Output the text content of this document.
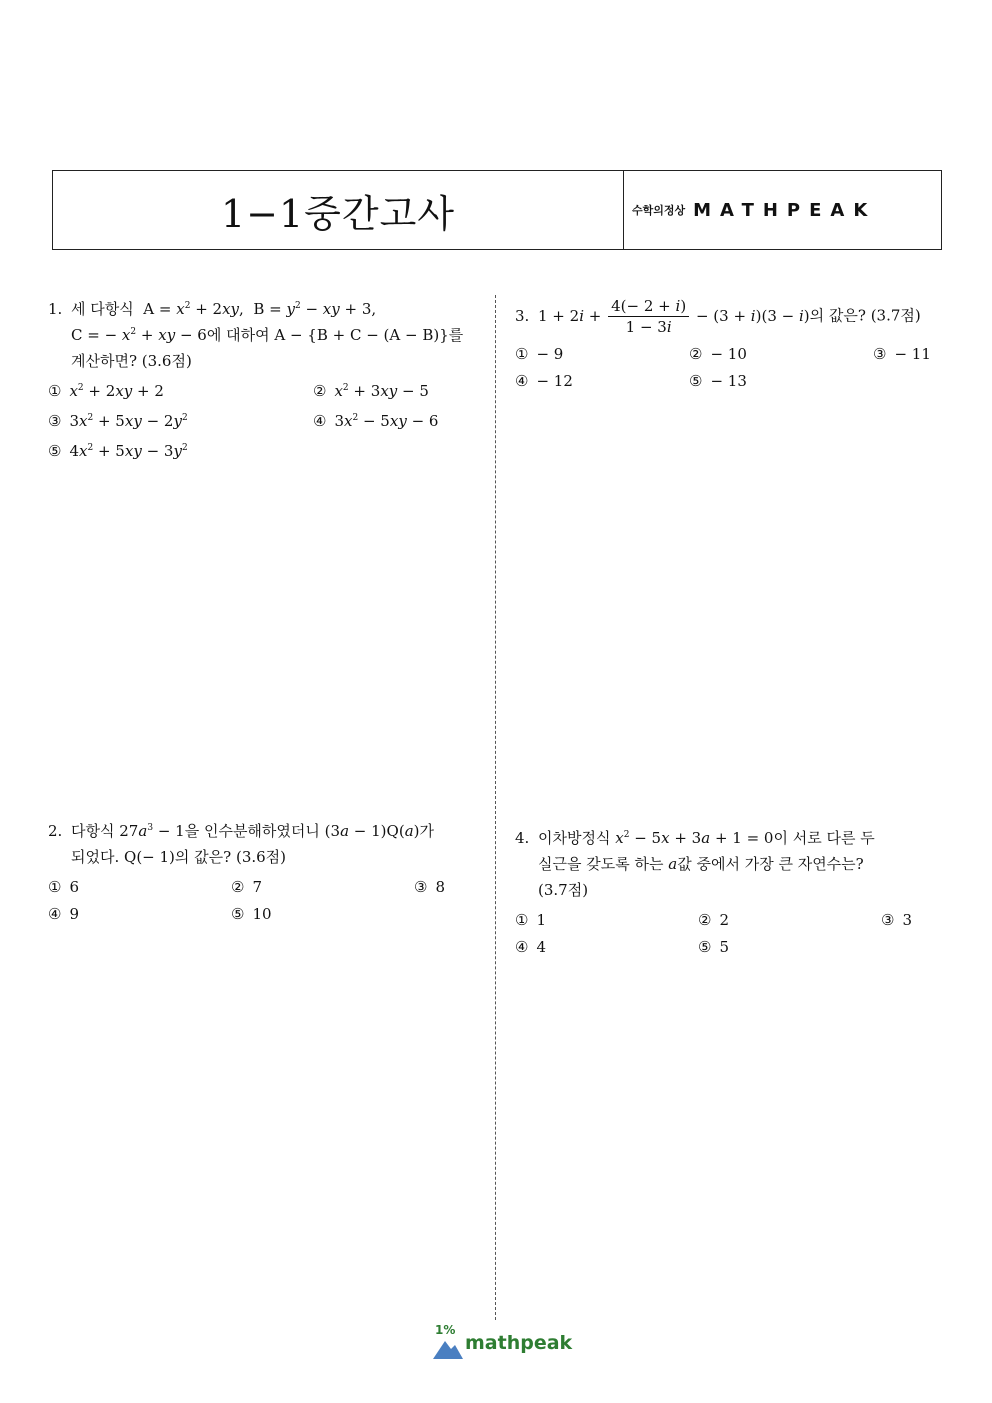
1−1중간고사	수학의정상 MATHPEAK
1. 세 다항식 $A = x^2 + 2xy$,  $B = y^2$ − xy + 3,
C = − $x^2$ + xy − 6에 대하여 A − {B + C − (A − B)}를
계산하면? (3.6점)
① $x^2 + 2xy + 2$	② $x^2 + 3xy - 5$
③ $3x^2 + 5xy - 2y^2$	④ $3x^2 - 5xy - 6$
⑤ $4x^2 + 5xy - 3y^2$
2. 다항식 $27a^3 - 1$을 인수분해하였더니 (3a − 1)Q(a)가
되었다. Q(− 1)의 값은? (3.6점)
① 6	② 7	③ 8
④ 9	⑤ 10
3. $1 + 2i + \frac{4(- 2 + i)}{1 - 3i} - (3 + i)(3 - i)$의 값은? (3.7점)
① − 9	② − 10	③ − 11
④ − 12	⑤ − 13
4. 이차방정식 $x^2 - 5x + 3a + 1 = 0$이 서로 다른 두
실근을 갖도록 하는 a값 중에서 가장 큰 자연수는?
(3.7점)
① 1	② 2	③ 3
④ 4	⑤ 5
1%
mathpeak
